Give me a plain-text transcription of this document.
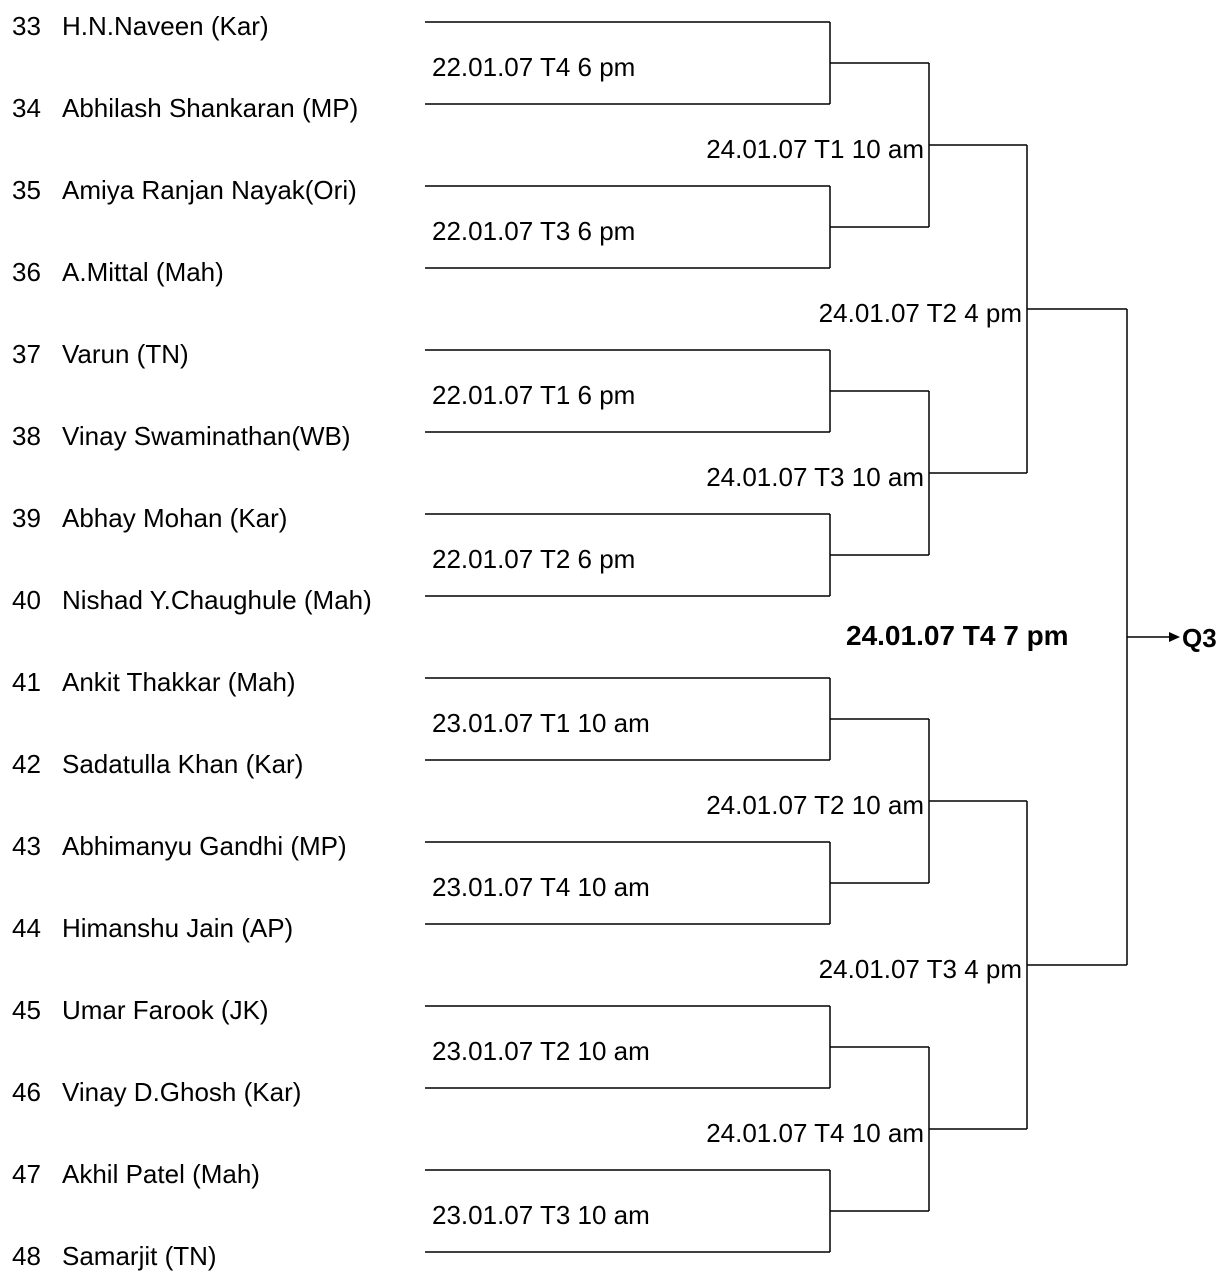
33 H.N.Naveen (Kar)
34 Abhilash Shankaran (MP)
35 Amiya Ranjan Nayak(Ori)
36 A.Mittal (Mah)
37 Varun (TN)
38 Vinay Swaminathan(WB)
39 Abhay Mohan (Kar)
40 Nishad Y.Chaughule (Mah)
41 Ankit Thakkar (Mah)
42 Sadatulla Khan (Kar)
43 Abhimanyu Gandhi (MP)
44 Himanshu Jain (AP)
45 Umar Farook (JK)
46 Vinay D.Ghosh (Kar)
47 Akhil Patel (Mah)
48 Samarjit (TN)
22.01.07 T4 6 pm
22.01.07 T3 6 pm
22.01.07 T1 6 pm
22.01.07 T2 6 pm
23.01.07 T1 10 am
23.01.07 T4 10 am
23.01.07 T2 10 am
23.01.07 T3 10 am
24.01.07 T1 10 am
24.01.07 T3 10 am
24.01.07 T2 10 am
24.01.07 T4 10 am
24.01.07 T2 4 pm
24.01.07 T3 4 pm
24.01.07 T4 7 pm	Q3
